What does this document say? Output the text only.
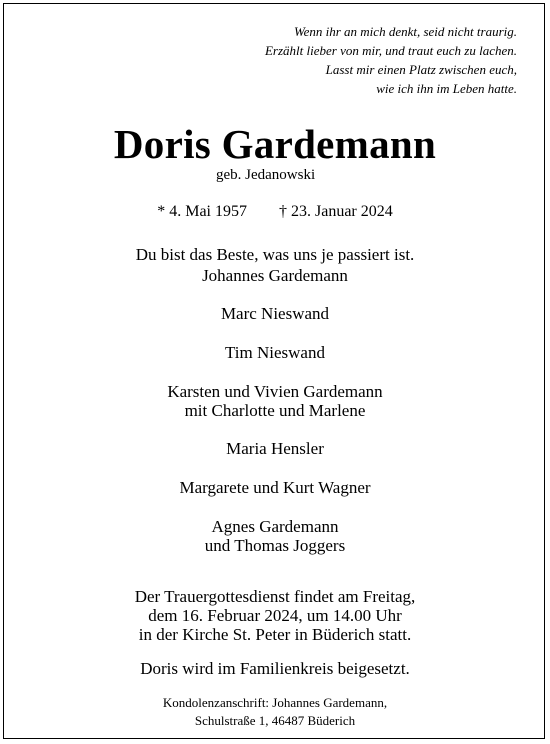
Wenn ihr an mich denkt, seid nicht traurig.
Erzählt lieber von mir, und traut euch zu lachen.
Lasst mir einen Platz zwischen euch,
wie ich ihn im Leben hatte.
Doris Gardemann
geb. Jedanowski
* 4. Mai 1957 † 23. Januar 2024
Du bist das Beste, was uns je passiert ist.
Johannes Gardemann
Marc Nieswand
Tim Nieswand
Karsten und Vivien Gardemann
mit Charlotte und Marlene
Maria Hensler
Margarete und Kurt Wagner
Agnes Gardemann
und Thomas Joggers
Der Trauergottesdienst findet am Freitag,
dem 16. Februar 2024, um 14.00 Uhr
in der Kirche St. Peter in Büderich statt.
Doris wird im Familienkreis beigesetzt.
Kondolenzanschrift: Johannes Gardemann,
Schulstraße 1, 46487 Büderich
